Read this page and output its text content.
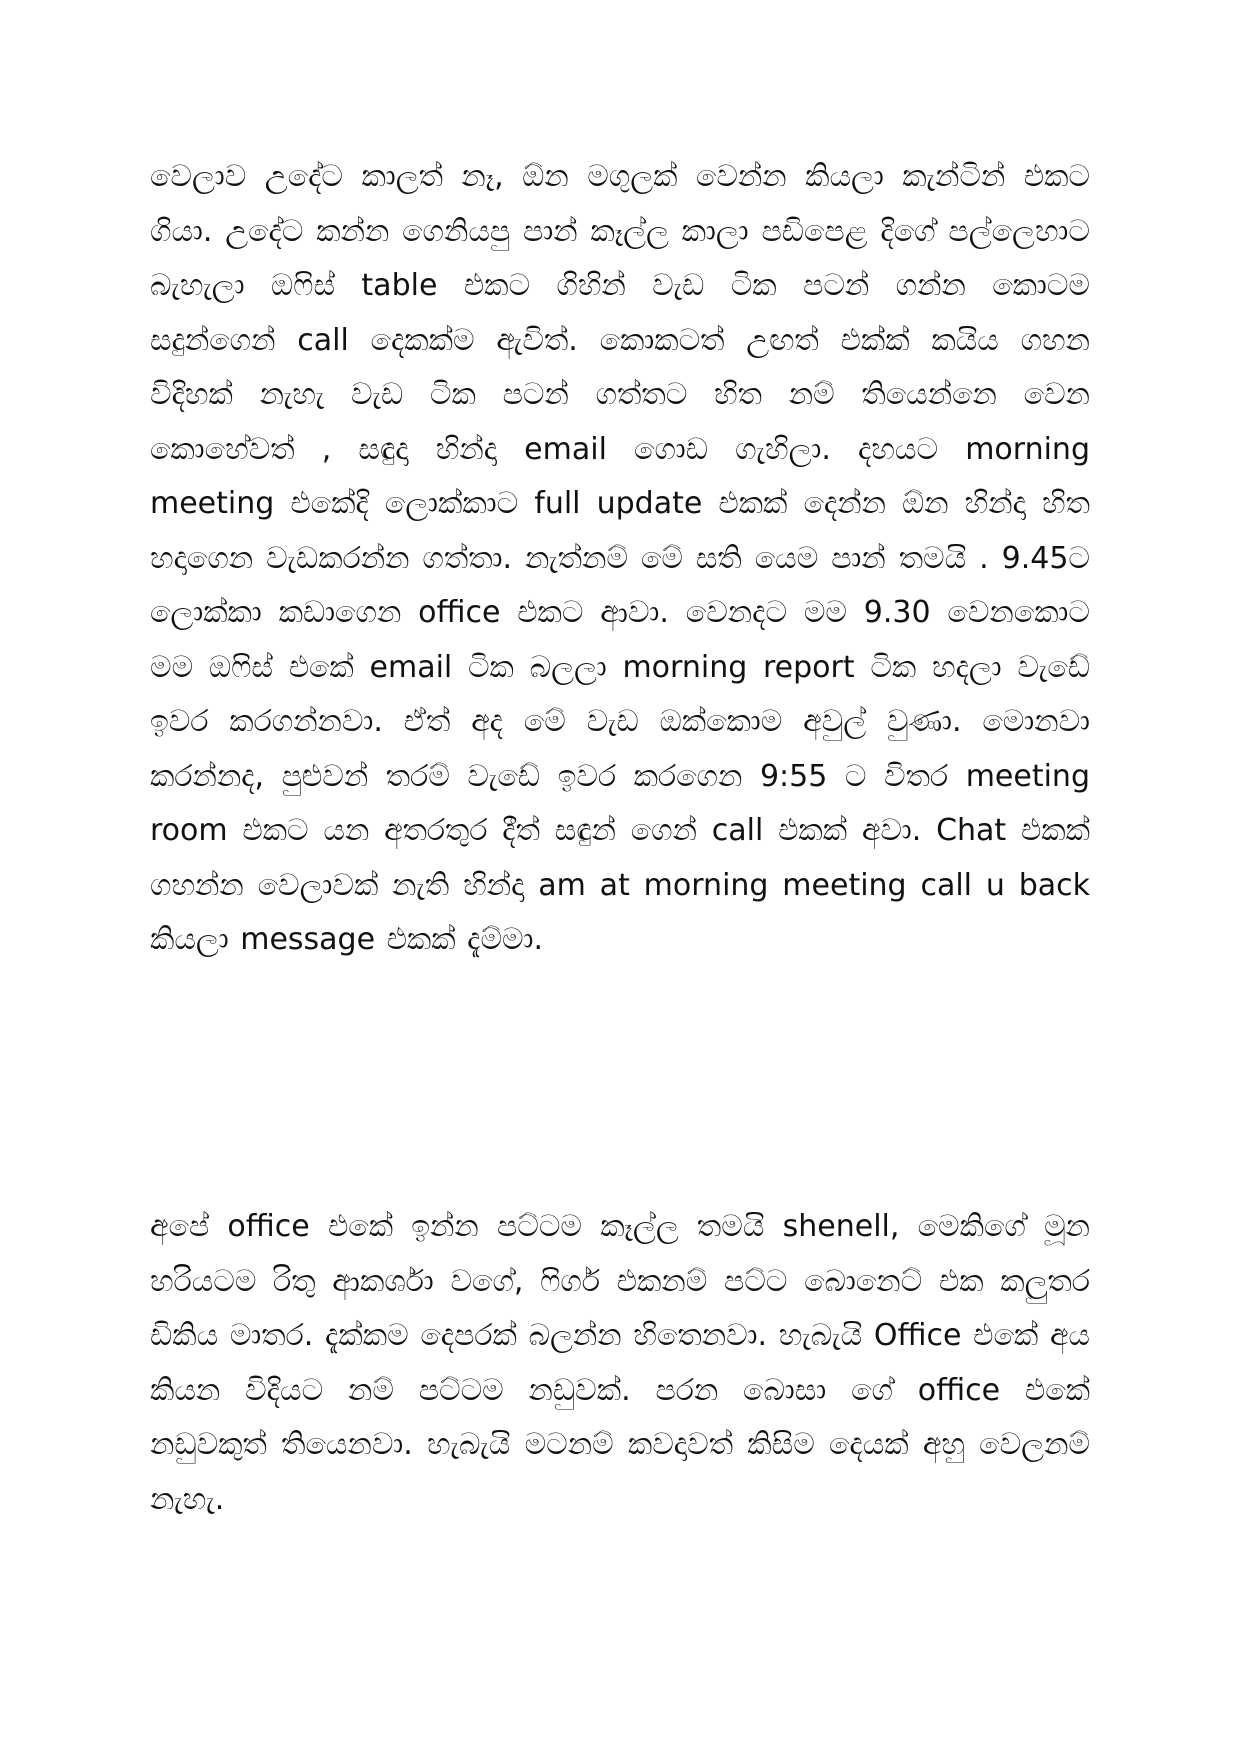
වෙලාව උදේට කාලත් නෑ, ඕන මගුලක් වෙන්න කියලා කැන්ටින් එකට ගියා. උදේට කන්න ගෙනියපු පාන් කෑල්ල කාලා පඩිපෙළ දිගේ පල්ලෙහාට බැහැලා ඔෆිස් table එකට ගිහින් වැඩ ටික පටන් ගන්න කොටම සදුන්ගෙන් call දෙකක්ම ඇවිත්. කොකටත් උඟත් එක්ක් කයිය ගහන විදිහක් නැහැ වැඩ ටික පටන් ගත්තට හිත නම් තියෙන්නෙ වෙන කොහේවත් , සඳුදා හින්දා email ගොඩ ගැහිලා. දහයට morning meeting එකේදි ලොක්කාට full update එකක් දෙන්න ඕන හින්දා හිත හදාගෙන වැඩකරන්න ගත්තා. නැත්නම් මේ සති යෙම පාන් තමයි . 9.45ට ලොක්කා කඩාගෙන office එකට ආවා. වෙනදට මම 9.30 වෙනකොට මම ඔෆිස් එකේ email ටික බලලා morning report ටික හදලා වැඩේ ඉවර කරගන්නවා. ඒත් අද මේ වැඩ ඔක්කොම අවුල් වුණා. මොනවා කරන්නද, පුළුවන් තරම් වැඩේ ඉවර කරගෙන 9:55 ට විතර meeting room එකට යන අතරතුර දීත් සඳුන් ගෙන් call එකක් අවා. Chat එකක් ගහන්න වෙලාවක් නැති හින්දා am at morning meeting call u back කියලා message එකක් දැම්මා.

අපේ office එකේ ඉන්න පට්ටම කෑල්ල තමයි shenell, මෙකිගේ මූන හරියටම රිතු ආකර්ශා වගේ, ෆිගර් එකනම් පට්ට බොනෙට් එක කලුතර ඩිකිය මාතර. දැක්කම දෙපරක් බලන්න හිතෙනවා. හැබැයි Office එකේ අය කියන විදියට නම් පට්ටම නඩුවක්. පරන බොසා ගේ office එකේ නඩුවකුත් තියෙනවා. හැබැයි මටනම් කවදාවත් කිසිම දෙයක් අහු වෙලනම් නැහැ.
